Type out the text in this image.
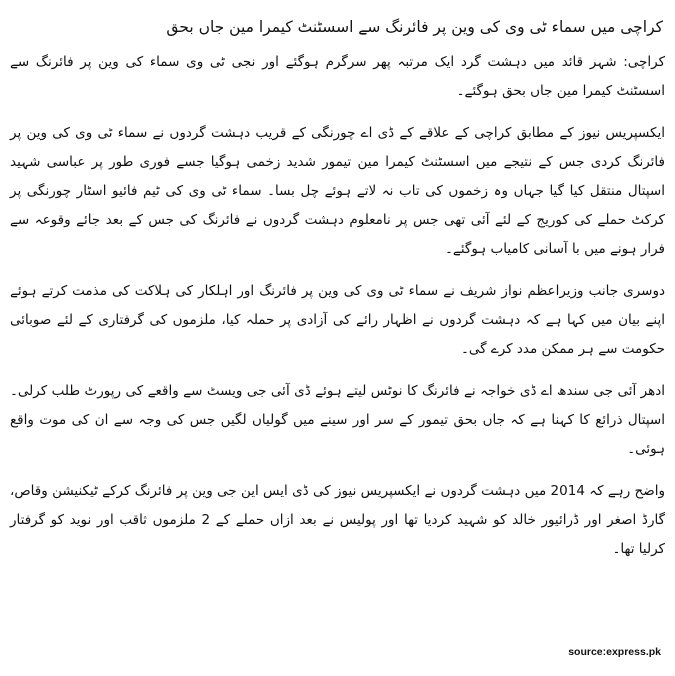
کراچی میں سماء ٹی وی کی وین پر فائرنگ سے اسسٹنٹ کیمرا مین جاں بحق

کراچی: شہر قائد میں دہشت گرد ایک مرتبہ پھر سرگرم ہوگئے اور نجی ٹی وی سماء کی وین پر فائرنگ سے اسسٹنٹ کیمرا مین جاں بحق ہوگئے۔

ایکسپریس نیوز کے مطابق کراچی کے علاقے کے ڈی اے چورنگی کے قریب دہشت گردوں نے سماء ٹی وی کی وین پر فائرنگ کردی جس کے نتیجے میں اسسٹنٹ کیمرا مین تیمور شدید زخمی ہوگیا جسے فوری طور پر عباسی شہید اسپتال منتقل کیا گیا جہاں وہ زخموں کی تاب نہ لاتے ہوئے چل بسا۔ سماء ٹی وی کی ٹیم فائیو اسٹار چورنگی پر کرکٹ حملے کی کوریج کے لئے آئی تھی جس پر نامعلوم دہشت گردوں نے فائرنگ کی جس کے بعد جائے وقوعہ سے فرار ہونے میں با آسانی کامیاب ہوگئے۔

دوسری جانب وزیراعظم نواز شریف نے سماء ٹی وی کی وین پر فائرنگ اور اہلکار کی ہلاکت کی مذمت کرتے ہوئے اپنے بیان میں کہا ہے کہ دہشت گردوں نے اظہار رائے کی آزادی پر حملہ کیا، ملزموں کی گرفتاری کے لئے صوبائی حکومت سے ہر ممکن مدد کرے گی۔

ادھر آئی جی سندھ اے ڈی خواجہ نے فائرنگ کا نوٹس لیتے ہوئے ڈی آئی جی ویسٹ سے واقعے کی رپورٹ طلب کرلی۔ اسپتال ذرائع کا کہنا ہے کہ جاں بحق تیمور کے سر اور سینے میں گولیاں لگیں جس کی وجہ سے ان کی موت واقع ہوئی۔

واضح رہے کہ 2014 میں دہشت گردوں نے ایکسپریس نیوز کی ڈی ایس این جی وین پر فائرنگ کرکے ٹیکنیشن وقاص، گارڈ اصغر اور ڈرائیور خالد کو شہید کردیا تھا اور پولیس نے بعد ازاں حملے کے 2 ملزموں ثاقب اور نوید کو گرفتار کرلیا تھا۔

source:express.pk
